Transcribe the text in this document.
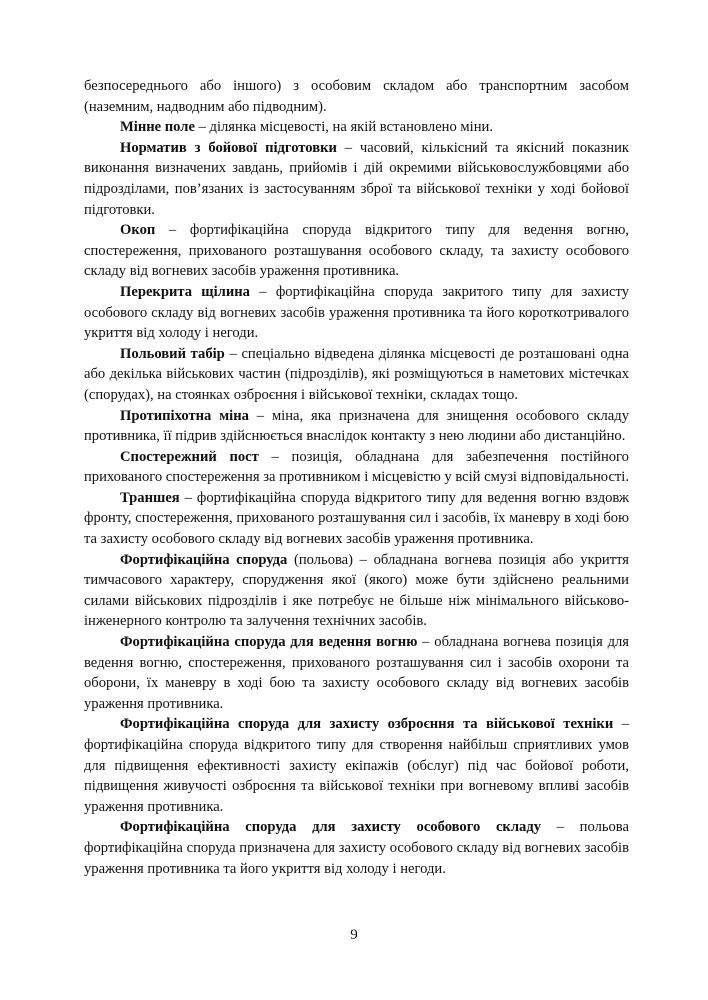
безпосереднього або іншого) з особовим складом або транспортним засобом (наземним, надводним або підводним).

Мінне поле – ділянка місцевості, на якій встановлено міни.

Норматив з бойової підготовки – часовий, кількісний та якісний показник виконання визначених завдань, прийомів і дій окремими військовослужбовцями або підрозділами, пов’язаних із застосуванням зброї та військової техніки у ході бойової підготовки.

Окоп – фортифікаційна споруда відкритого типу для ведення вогню, спостереження, прихованого розташування особового складу, та захисту особового складу від вогневих засобів ураження противника.

Перекрита щілина – фортифікаційна споруда закритого типу для захисту особового складу від вогневих засобів ураження противника та його короткотривалого укриття від холоду і негоди.

Польовий табір – спеціально відведена ділянка місцевості де розташовані одна або декілька військових частин (підрозділів), які розміщуються в наметових містечках (спорудах), на стоянках озброєння і військової техніки, складах тощо.

Протипіхотна міна – міна, яка призначена для знищення особового складу противника, її підрив здійснюється внаслідок контакту з нею людини або дистанційно.

Спостережний пост – позиція, обладнана для забезпечення постійного прихованого спостереження за противником і місцевістю у всій смузі відповідальності.

Траншея – фортифікаційна споруда відкритого типу для ведення вогню вздовж фронту, спостереження, прихованого розташування сил і засобів, їх маневру в ході бою та захисту особового складу від вогневих засобів ураження противника.

Фортифікаційна споруда (польова) – обладнана вогнева позиція або укриття тимчасового характеру, спорудження якої (якого) може бути здійснено реальними силами військових підрозділів і яке потребує не більше ніж мінімального військово-інженерного контролю та залучення технічних засобів.

Фортифікаційна споруда для ведення вогню – обладнана вогнева позиція для ведення вогню, спостереження, прихованого розташування сил і засобів охорони та оборони, їх маневру в ході бою та захисту особового складу від вогневих засобів ураження противника.

Фортифікаційна споруда для захисту озброєння та військової техніки – фортифікаційна споруда відкритого типу для створення найбільш сприятливих умов для підвищення ефективності захисту екіпажів (обслуг) під час бойової роботи, підвищення живучості озброєння та військової техніки при вогневому впливі засобів ураження противника.

Фортифікаційна споруда для захисту особового складу – польова фортифікаційна споруда призначена для захисту особового складу від вогневих засобів ураження противника та його укриття від холоду і негоди.

9
